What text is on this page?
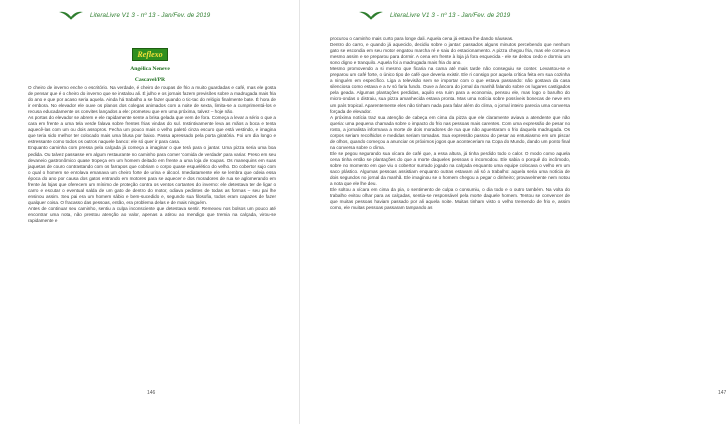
LiteraLivre V1 3 - nº 13 - Jan/Fev. de 2019
Reflexo
Angélica Neneve
Cascavel/PR

O cheiro de inverno enche o escritório. Na verdade, é cheiro de roupas de frio a muito guardadas e café, mas ele gosta de pensar que é o cheiro do inverno que se instalou ali. É julho e os jornais fazem previsões sobre a madrugada mais fria do ano e que por acaso seria aquela. Ainda há trabalho a se fazer quando o tic-tac do relógio finalmente bate. É hora de ir embora. No elevador ele ouve os planos dos colegas animados com a noite de sexta, limita-se a cumprimentá-los e recusa educadamente os convites lançados a ele: prometeu que em uma próxima, talvez – hoje não.

As portas do elevador se abrem e ele rapidamente sente a brisa gelada que vem de fora. Começa a levar a sério o que a cara em frente a uma tela verde falava sobre frentes frias vindas do sul. Instintivamente leva as mãos a boca e tenta aquecê-las com um ou dois assopros. Fecha um pouco mais o velho paletó cinza escuro que está vestindo, e imagina que teria sido melhor ter colocado mais uma blusa por baixo. Passa apressado pela porta giratória. Foi um dia longo e estressante como todos os outros naquele banco: ele só quer ir para casa.

Enquanto caminha com pressa pela calçada já começa a imaginar o que terá para o jantar. Uma pizza seria uma boa pedida. Ou talvez passasse em algum restaurante no caminho para comer 'comida de verdade' para variar. Preso em seu devaneio gastronômico quase tropeça em um homem deitado em frente a uma loja de roupas. Os manequins em suas jaquetas de couro contrastando com os farrapos que cobriam o corpo quase esquelético do velho. Do cobertor sujo com o qual o homem se enrolava emanava um cheiro forte de urina e álcool. Imediatamente ele se lembra que odeia essa época do ano por causa dos gatos entrando em motores para se aquecer e dos moradores de rua se aglomerando em frente às lojas que oferecem um mínimo de proteção contra os ventos cortantes do inverno: ele detestava ter de ligar o carro e escutar o eventual salda de um gato de dentro do motor, odiava pedintes de todas as formas – seu pai lhe ensinou assim. Seu pai era um homem sábio e bem-sucedido e, segundo sua filosofia, todos eram capazes de fazer qualquer coisa. O fracasso das pessoas, então, era problema delas e de mais ninguém.

Antes de continuar seu caminho, sentiu a culpa inconsciente que detestava sentir. Remexeu nos bolsos um pouco até encontrar uma nota, não prestou atenção ao valor, apenas a atirou ao mendigo que tremia na calçada, virou-se rapidamente e

146
LiteraLivre V1 3 - nº 13 - Jan/Fev. de 2019

procurou o caminho mais curto para longe dali. Aquela cena já estava lhe dando náuseas.

Dentro do carro, e quando já aquecido, decidiu sobre o jantar: passados alguns minutos percebendo que nenhum gato se escondia em seu motor engatou marcha ré e saiu do estacionamento. A pizza chegou fria, mas ele comeu-a mesmo assim e se preparou para dormir. A cena em frente à loja já fora esquecida - ele se deitou cedo e dormiu um sono digno e tranquilo. Aquela foi a madrugada mais fria do ano.

Mesmo promovendo a si mesmo que ficaria na cama até mais tarde não conseguiu se conter. Levantou-se e preparou um café forte, o único tipo de café que deveria existir. Ele ri consigo por aquela crítica feita em sua cozinha a ninguém em específico. Liga a televisão sem se importar com o que estava passando: não gostava da casa silenciosa como estava e a tv só faria fundo. Ouve a âncora do jornal da manhã falando sobre os lugares castigados pela geada. Algumas plantações perdidas, aquilo era ruim para a economia, pensou ele, mas logo o barulho do micro-ondas o distraiu, sua pizza amanhecida estava pronta. Mas uma notícia sobre possíveis bonecas de neve em um país tropical. Aparentemente eles não tinham nada para falar além do clima, o jornal inteiro parecia uma conversa forçada de elevador.

A próxima notícia traz sua atenção de cabeça em cima da pizza que ele claramente aviava a atendente que não queria: uma pequena chamada sobre o impacto do frio nas pessoas mais carentes. Com uma expressão de pesar no rosto, a jornalista informava a morte de dois moradores de rua que não aguentaram o frio daquela madrugada. Os corpos seriam recolhidos e medidas seriam tomadas. Sua expressão passou do pesar ao entusiasmo em um piscar de olhos, quando começou a anunciar os próximos jogos que aconteceriam na Copa do Mundo, dando um ponto final na conversa sobre o clima.

Ele se pegou segurando sua xícara de café que, a essa altura, já tinha perdido todo o calor. O modo como aquela cena tinha então se plantações do que a morte daqueles pessoas o incomodou. Ele sabia o porquê do incômodo, sobre no momento em que viu o cobertor surrado jogado na calçada enquanto uma equipe colocava o velho em um saco plástico. Algumas pessoas assistiam enquanto outras estavam ali só a trabalho: aquela seria uma notícia de dois segundos no jornal da manhã. Ele imaginou se o homem chegou a pegar o dinheiro; provavelmente nem notou a nota que ele lhe deu.

Ele soltou a xícara em cima da pia, o sentimento de culpa o consumiu, o dia todo e o outro também. Na volta do trabalho evitou olhar para as calçadas, sentia-se responsável pela morte daquele homem. Tentou se convencer de que muitas pessoas haviam passado por ali aquela noite. Muitas tinham visto o velho tremendo de frio e, assim como, ele muitas pessoas passaram tampando as

147
